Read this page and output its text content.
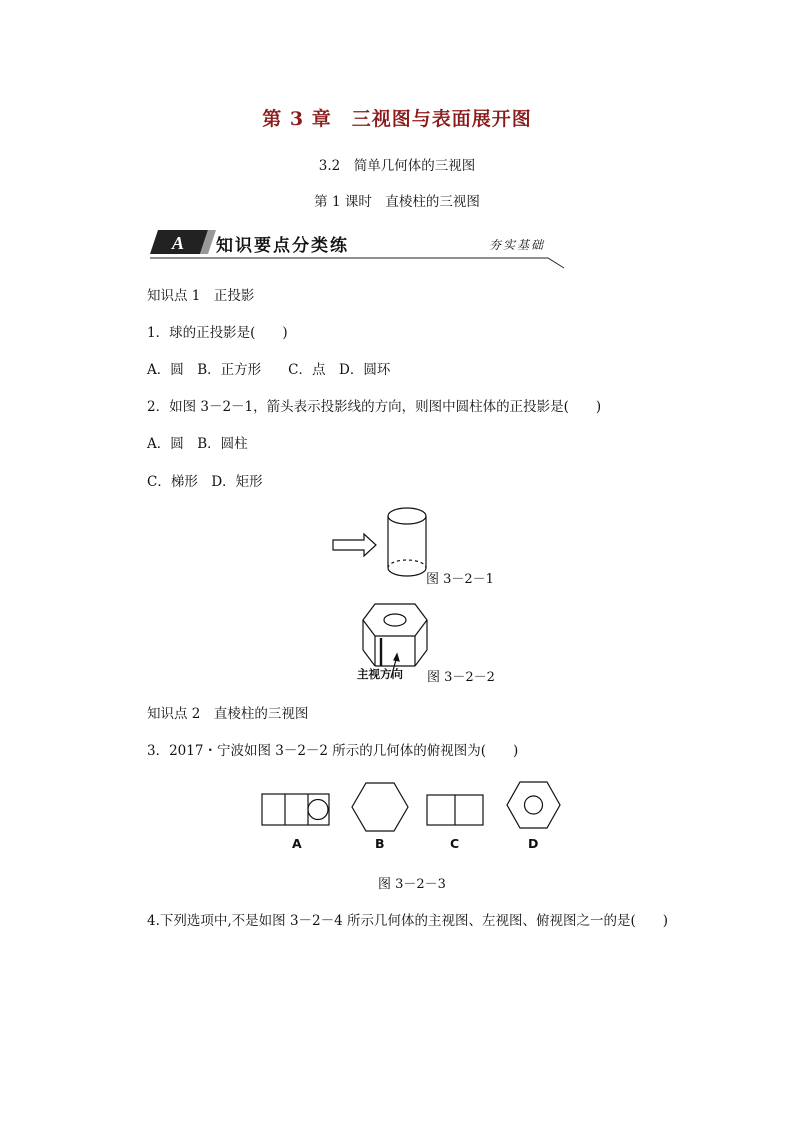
第 3 章　三视图与表面展开图
3.2　简单几何体的三视图
第 1 课时　直棱柱的三视图
A 知识要点分类练	夯实基础
知识点 1　正投影
1．球的正投影是(　　)
A．圆　B．正方形　　C．点　D．圆环
2．如图 3－2－1，箭头表示投影线的方向，则图中圆柱体的正投影是(　　)
A．圆　B．圆柱
C．梯形　D．矩形
图 3－2－1
主视方向 图 3－2－2
知识点 2　直棱柱的三视图
3．2017・宁波如图 3－2－2 所示的几何体的俯视图为(　　)
A	B	C	D
图 3－2－3
4.下列选项中,不是如图 3－2－4 所示几何体的主视图、左视图、俯视图之一的是(　　)
